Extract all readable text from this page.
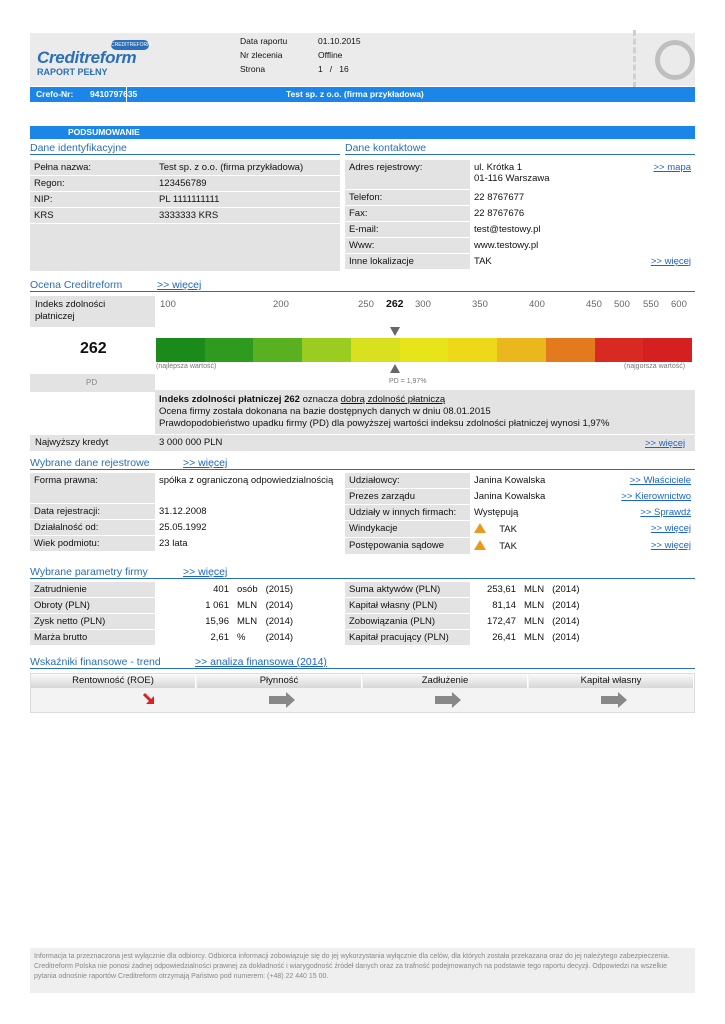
CREDITREFORM
Creditreform
RAPORT PEŁNY
Data raportu	01.10.2015
Nr zlecenia	Offline
Strona	1   /   16
Crefo-Nr: 9410797635	Test sp. z o.o. (firma przykładowa)
PODSUMOWANIE
Dane identyfikacyjne
Pełna nazwa:	Test sp. z o.o. (firma przykładowa)
Regon:	123456789
NIP:	PL 1111111111
KRS	3333333 KRS

Dane kontaktowe
Adres rejestrowy:	ul. Krótka 1 >> mapa
01-116 Warszawa

Telefon:	22 8767677
Fax:	22 8767676
E-mail:	test@testowy.pl
Www:	www.testowy.pl
Inne lokalizacje	TAK >> więcej
Ocena Creditreform	>> więcej
Indeks zdolności płatniczej
262
PD
100	200	250 262 300	350	400	450 500 550 600
(najlepsza wartość)	(najgorsza wartość)
PD = 1,97%
Indeks zdolności płatniczej 262 oznacza dobrą zdolność płatniczą
Ocena firmy została dokonana na bazie dostępnych danych w dniu 08.01.2015
Prawdopodobieństwo upadku firmy (PD) dla powyższej wartości indeksu zdolności płatniczej wynosi 1,97%
Najwyższy kredyt	3 000 000 PLN	>> więcej
Wybrane dane rejestrowe	>> więcej
Forma prawna:	spółka z ograniczoną odpowiedzialnością
Data rejestracji:	31.12.2008
Działalność od:	25.05.1992
Wiek podmiotu:	23 lata
Udziałowcy:	Janina Kowalska >> Właściciele

Prezes zarządu	Janina Kowalska >> Kierownictwo

Udziały w innych firmach:	Występują >> Sprawdź

Windykacje	TAK >> więcej

Postępowania sądowe	TAK >> więcej
Wybrane parametry firmy	>> więcej
Zatrudnienie	401	osób	(2015)
Obroty (PLN)	1 061	MLN	(2014)
Zysk netto (PLN)	15,96	MLN	(2014)
Marża brutto	2,61	%	(2014)
Suma aktywów (PLN)	253,61	MLN	(2014)
Kapitał własny (PLN)	81,14	MLN	(2014)
Zobowiązania (PLN)	172,47	MLN	(2014)
Kapitał pracujący (PLN)	26,41	MLN	(2014)
Wskaźniki finansowe - trend	>> analiza finansowa (2014)
Rentowność (ROE)	Płynność	Zadłużenie	Kapitał własny
Informacja ta przeznaczona jest wyłącznie dla odbiorcy. Odbiorca informacji zobowiązuje się do jej wykorzystania wyłącznie dla celów, dla których została przekazana oraz do jej należytego zabezpieczenia. Creditreform Polska nie ponosi żadnej odpowiedzialności prawnej za dokładność i wiarygodność źródeł danych oraz za trafność podejmowanych na podstawie tego raportu decyzji. Odpowiedzi na wszelkie pytania odnośnie raportów Creditreform otrzymają Państwo pod numerem: (+48) 22 440 15 00.
